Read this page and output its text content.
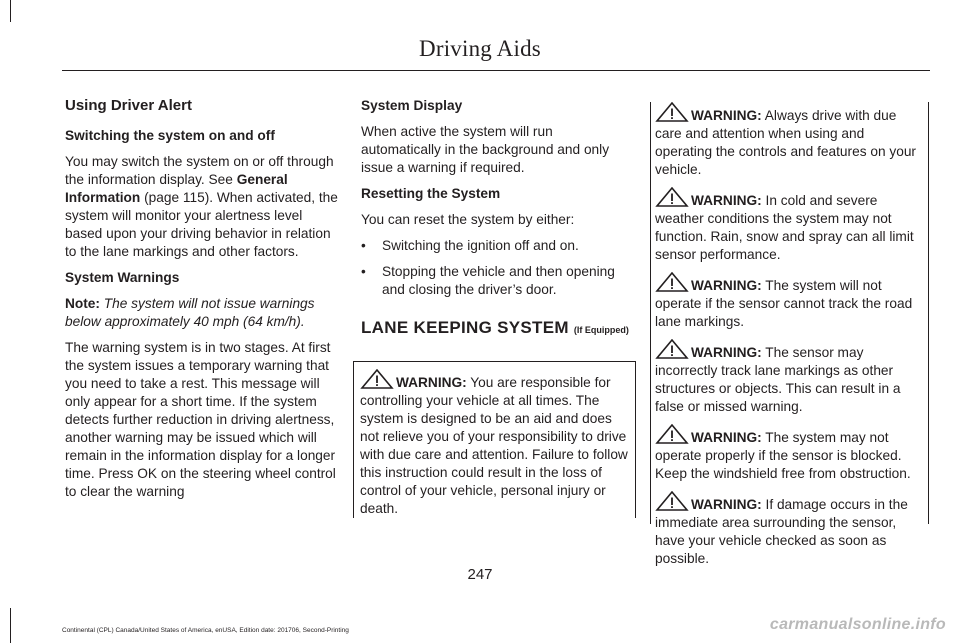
Driving Aids

Using Driver Alert

Switching the system on and off

You may switch the system on or off through the information display. See General Information (page 115). When activated, the system will monitor your alertness level based upon your driving behavior in relation to the lane markings and other factors.

System Warnings

Note: The system will not issue warnings below approximately 40 mph (64 km/h).

The warning system is in two stages. At first the system issues a temporary warning that you need to take a rest. This message will only appear for a short time. If the system detects further reduction in driving alertness, another warning may be issued which will remain in the information display for a longer time. Press OK on the steering wheel control to clear the warning

System Display

When active the system will run automatically in the background and only issue a warning if required.

Resetting the System

You can reset the system by either:

• Switching the ignition off and on.
• Stopping the vehicle and then opening and closing the driver’s door.

LANE KEEPING SYSTEM (If Equipped)

WARNING: You are responsible for controlling your vehicle at all times. The system is designed to be an aid and does not relieve you of your responsibility to drive with due care and attention. Failure to follow this instruction could result in the loss of control of your vehicle, personal injury or death.

WARNING: Always drive with due care and attention when using and operating the controls and features on your vehicle.

WARNING: In cold and severe weather conditions the system may not function. Rain, snow and spray can all limit sensor performance.

WARNING: The system will not operate if the sensor cannot track the road lane markings.

WARNING: The sensor may incorrectly track lane markings as other structures or objects. This can result in a false or missed warning.

WARNING: The system may not operate properly if the sensor is blocked. Keep the windshield free from obstruction.

WARNING: If damage occurs in the immediate area surrounding the sensor, have your vehicle checked as soon as possible.

247
Continental (CPL) Canada/United States of America, enUSA, Edition date: 201706, Second-Printing	carmanualsonline.info
